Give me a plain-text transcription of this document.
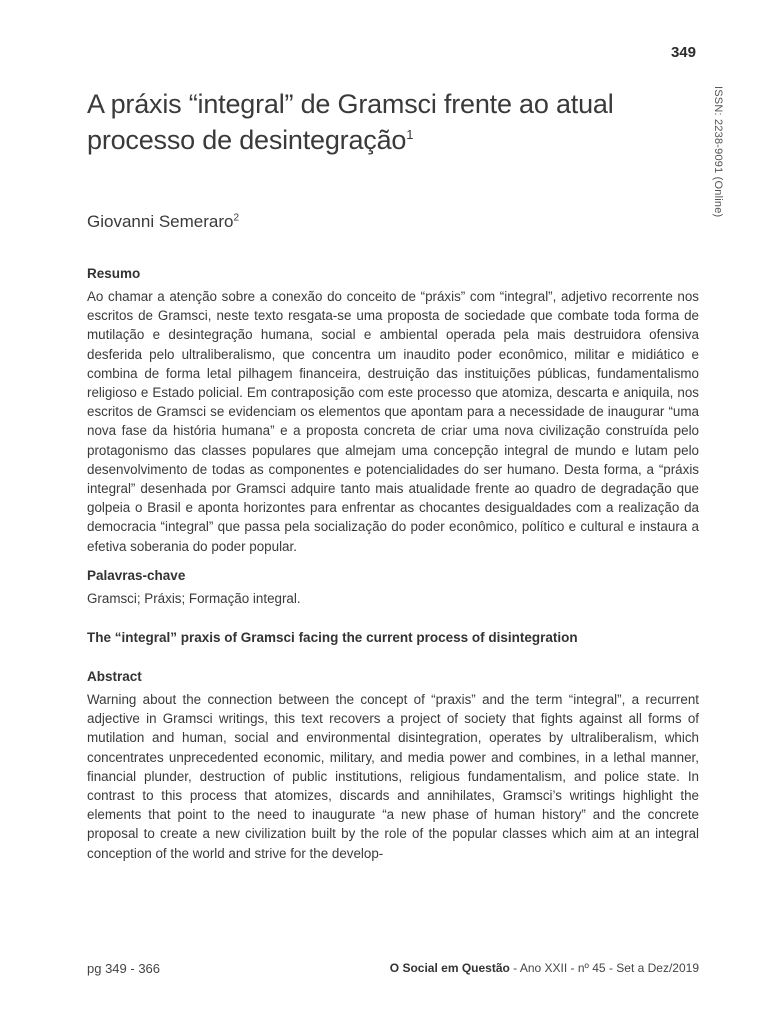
349
ISSN: 2238-9091 (Online)
A práxis “integral” de Gramsci frente ao atual processo de desintegração$^1$
Giovanni Semeraro$^2$
Resumo
Ao chamar a atenção sobre a conexão do conceito de “práxis” com “integral”, adjetivo recorrente nos escritos de Gramsci, neste texto resgata-se uma proposta de sociedade que combate toda forma de mutilação e desintegração humana, social e ambiental operada pela mais destruidora ofensiva desferida pelo ultraliberalismo, que concentra um inaudito poder econômico, militar e midiático e combina de forma letal pilhagem financeira, destruição das instituições públicas, fundamentalismo religioso e Estado policial. Em contraposição com este processo que atomiza, descarta e aniquila, nos escritos de Gramsci se evidenciam os elementos que apontam para a necessidade de inaugurar “uma nova fase da história humana” e a proposta concreta de criar uma nova civilização construída pelo protagonismo das classes populares que almejam uma concepção integral de mundo e lutam pelo desenvolvimento de todas as componentes e potencialidades do ser humano. Desta forma, a “práxis integral” desenhada por Gramsci adquire tanto mais atualidade frente ao quadro de degradação que golpeia o Brasil e aponta horizontes para enfrentar as chocantes desigualdades com a realização da democracia “integral” que passa pela socialização do poder econômico, político e cultural e instaura a efetiva soberania do poder popular.
Palavras-chave
Gramsci; Práxis; Formação integral.
The “integral” praxis of Gramsci facing the current process of disintegration
Abstract
Warning about the connection between the concept of “praxis” and the term “integral”, a recurrent adjective in Gramsci writings, this text recovers a project of society that fights against all forms of mutilation and human, social and environmental disintegration, operates by ultraliberalism, which concentrates unprecedented economic, military, and media power and combines, in a lethal manner, financial plunder, destruction of public institutions, religious fundamentalism, and police state. In contrast to this process that atomizes, discards and annihilates, Gramsci’s writings highlight the elements that point to the need to inaugurate “a new phase of human history” and the concrete proposal to create a new civilization built by the role of the popular classes which aim at an integral conception of the world and strive for the develop-
pg 349 - 366	O Social em Questão - Ano XXII - nº 45 - Set a Dez/2019
